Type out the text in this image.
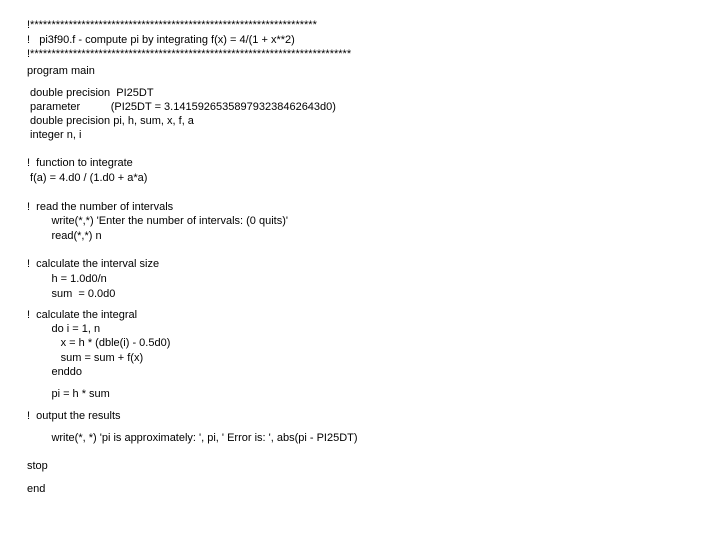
!*******************************************************************
!   pi3f90.f - compute pi by integrating f(x) = 4/(1 + x**2)
!***************************************************************************
program main
double precision  PI25DT
parameter          (PI25DT = 3.141592653589793238462643d0)
double precision pi, h, sum, x, f, a
integer n, i
!  function to integrate
f(a) = 4.d0 / (1.d0 + a*a)
!  read the number of intervals
write(*,*) 'Enter the number of intervals: (0 quits)'
read(*,*) n
!  calculate the interval size
h = 1.0d0/n
sum  = 0.0d0
!  calculate the integral
do i = 1, n
x = h * (dble(i) - 0.5d0)
sum = sum + f(x)
enddo
pi = h * sum
!  output the results
write(*, *) 'pi is approximately: ', pi, ' Error is: ', abs(pi - PI25DT)
stop
end
